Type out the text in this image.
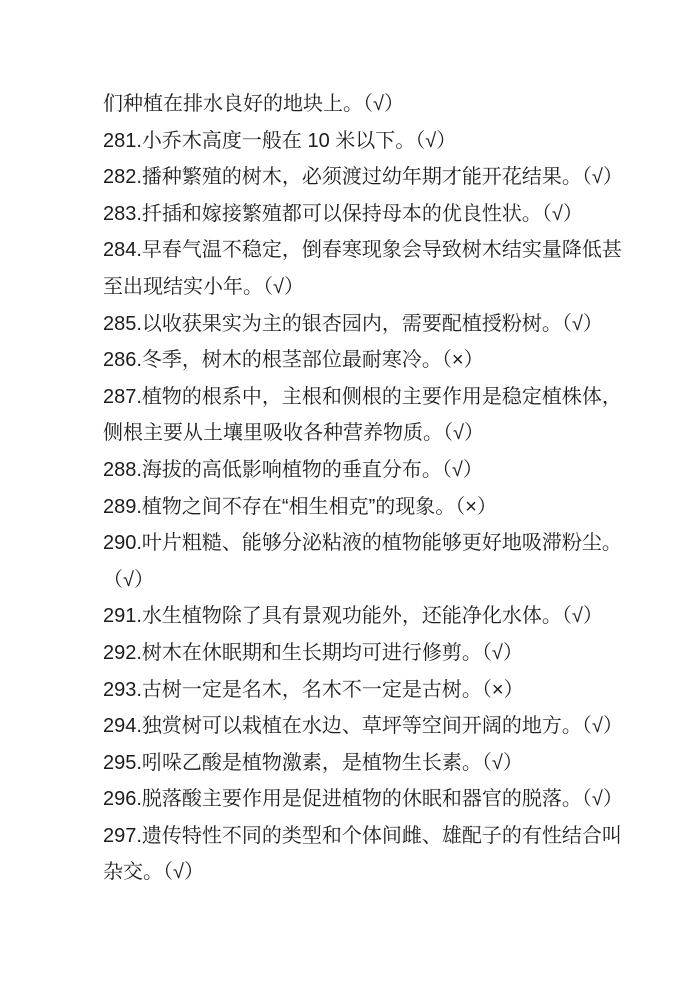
们种植在排水良好的地块上。（√）
281.小乔木高度一般在 10 米以下。（√）
282.播种繁殖的树木，必须渡过幼年期才能开花结果。（√）
283.扦插和嫁接繁殖都可以保持母本的优良性状。（√）
284.早春气温不稳定，倒春寒现象会导致树木结实量降低甚
至出现结实小年。（√）
285.以收获果实为主的银杏园内，需要配植授粉树。（√）
286.冬季，树木的根茎部位最耐寒冷。（×）
287.植物的根系中，主根和侧根的主要作用是稳定植株体，
侧根主要从土壤里吸收各种营养物质。（√）
288.海拔的高低影响植物的垂直分布。（√）
289.植物之间不存在“相生相克”的现象。（×）
290.叶片粗糙、能够分泌粘液的植物能够更好地吸滞粉尘。
（√）
291.水生植物除了具有景观功能外，还能净化水体。（√）
292.树木在休眠期和生长期均可进行修剪。（√）
293.古树一定是名木，名木不一定是古树。（×）
294.独赏树可以栽植在水边、草坪等空间开阔的地方。（√）
295.吲哚乙酸是植物激素，是植物生长素。（√）
296.脱落酸主要作用是促进植物的休眠和器官的脱落。（√）
297.遗传特性不同的类型和个体间雌、雄配子的有性结合叫
杂交。（√）
